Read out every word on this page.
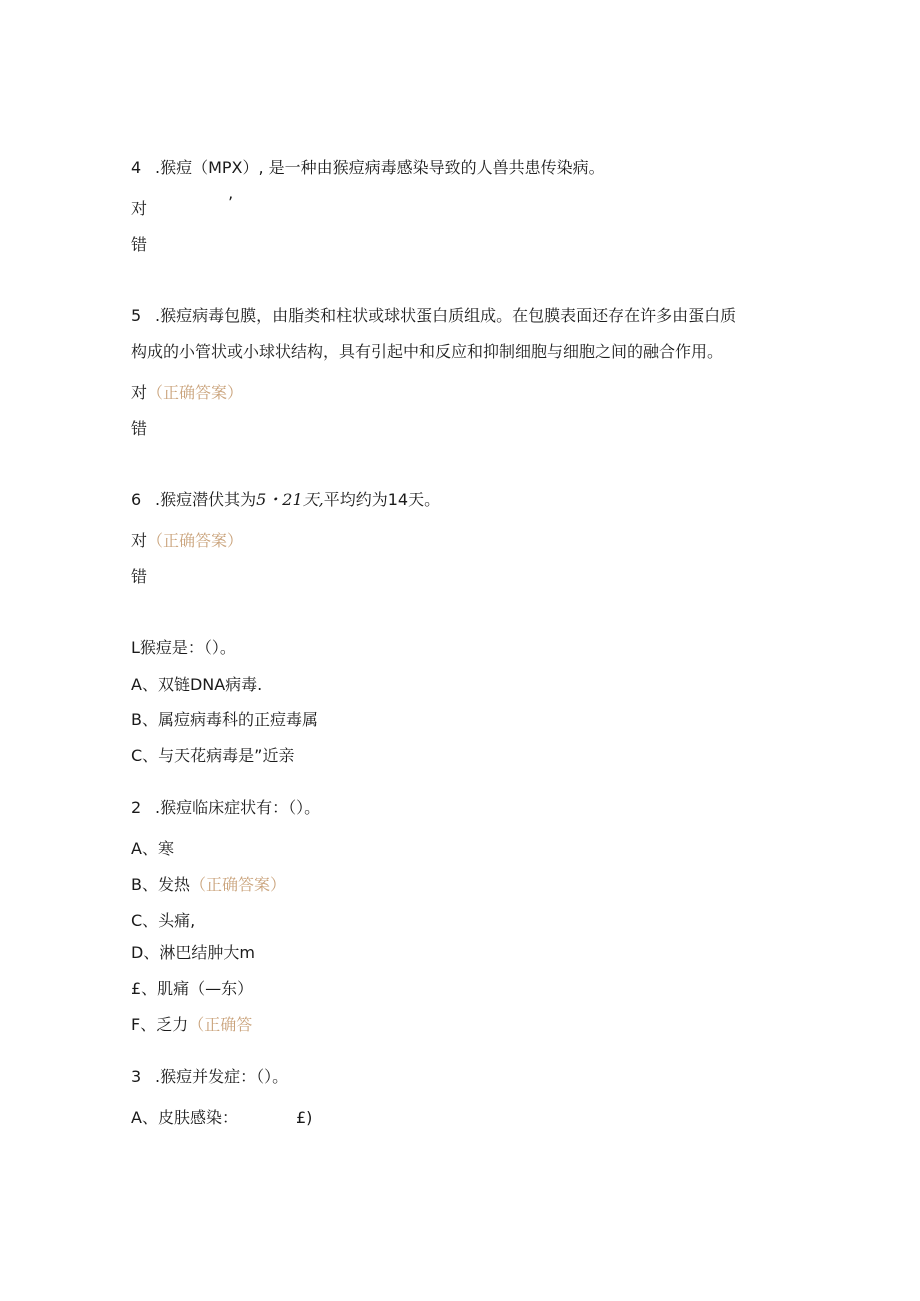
4 .猴痘（MPX）, 是一种由猴痘病毒感染导致的人兽共患传染病。
对	’
错
5 .猴痘病毒包膜，由脂类和柱状或球状蛋白质组成。在包膜表面还存在许多由蛋白质
构成的小管状或小球状结构，具有引起中和反应和抑制细胞与细胞之间的融合作用。
对（正确答案）
错
6 .猴痘潜伏其为5・21天,平均约为14天。
对（正确答案）
错
L猴痘是：（）。
A、双链DNA病毒.
B、属痘病毒科的正痘毒属
C、与天花病毒是”近亲
2 .猴痘临床症状有：（）。
A、寒
B、发热（正确答案）
C、头痛,
D、淋巴结肿大m
£、肌痛（—东）
F、乏力（正确答
3 .猴痘并发症：（）。
A、皮肤感染：	£)
